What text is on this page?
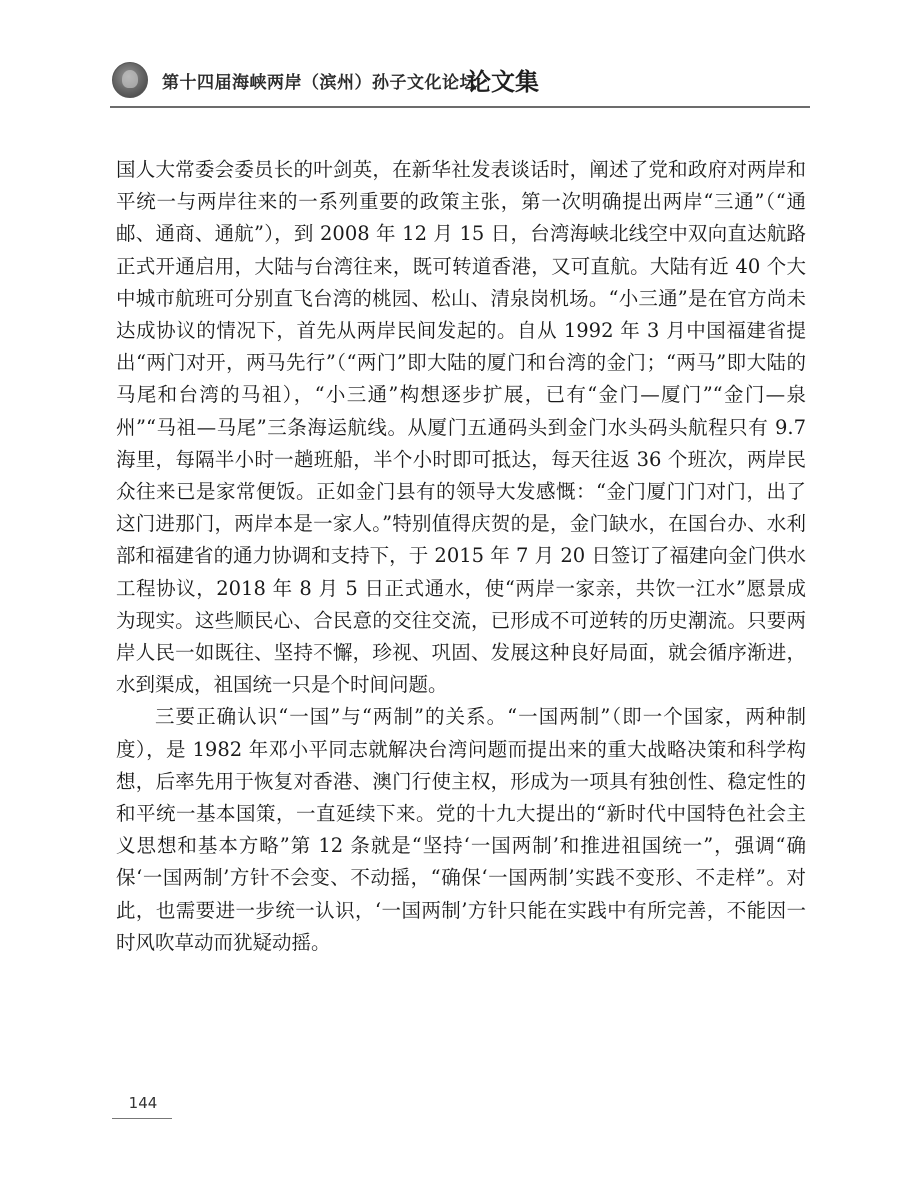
第十四届海峡两岸（滨州）孙子文化论坛
论文集

国人大常委会委员长的叶剑英，在新华社发表谈话时，阐述了党和政府对两岸和平统一与两岸往来的一系列重要的政策主张，第一次明确提出两岸“三通”（“通邮、通商、通航”），到 2008 年 12 月 15 日，台湾海峡北线空中双向直达航路正式开通启用，大陆与台湾往来，既可转道香港，又可直航。大陆有近 40 个大中城市航班可分别直飞台湾的桃园、松山、清泉岗机场。“小三通”是在官方尚未达成协议的情况下，首先从两岸民间发起的。自从 1992 年 3 月中国福建省提出“两门对开，两马先行”（“两门”即大陆的厦门和台湾的金门；“两马”即大陆的马尾和台湾的马祖），“小三通”构想逐步扩展，已有“金门—厦门”“金门—泉州”“马祖—马尾”三条海运航线。从厦门五通码头到金门水头码头航程只有 9.7 海里，每隔半小时一趟班船，半个小时即可抵达，每天往返 36 个班次，两岸民众往来已是家常便饭。正如金门县有的领导大发感慨：“金门厦门门对门，出了这门进那门，两岸本是一家人。”特别值得庆贺的是，金门缺水，在国台办、水利部和福建省的通力协调和支持下，于 2015 年 7 月 20 日签订了福建向金门供水工程协议，2018 年 8 月 5 日正式通水，使“两岸一家亲，共饮一江水”愿景成为现实。这些顺民心、合民意的交往交流，已形成不可逆转的历史潮流。只要两岸人民一如既往、坚持不懈，珍视、巩固、发展这种良好局面，就会循序渐进，水到渠成，祖国统一只是个时间问题。

三要正确认识“一国”与“两制”的关系。“一国两制”（即一个国家，两种制度），是 1982 年邓小平同志就解决台湾问题而提出来的重大战略决策和科学构想，后率先用于恢复对香港、澳门行使主权，形成为一项具有独创性、稳定性的和平统一基本国策，一直延续下来。党的十九大提出的“新时代中国特色社会主义思想和基本方略”第 12 条就是“坚持‘一国两制’和推进祖国统一”，强调“确保‘一国两制’方针不会变、不动摇，“确保‘一国两制’实践不变形、不走样”。对此，也需要进一步统一认识，‘一国两制’方针只能在实践中有所完善，不能因一时风吹草动而犹疑动摇。

144
